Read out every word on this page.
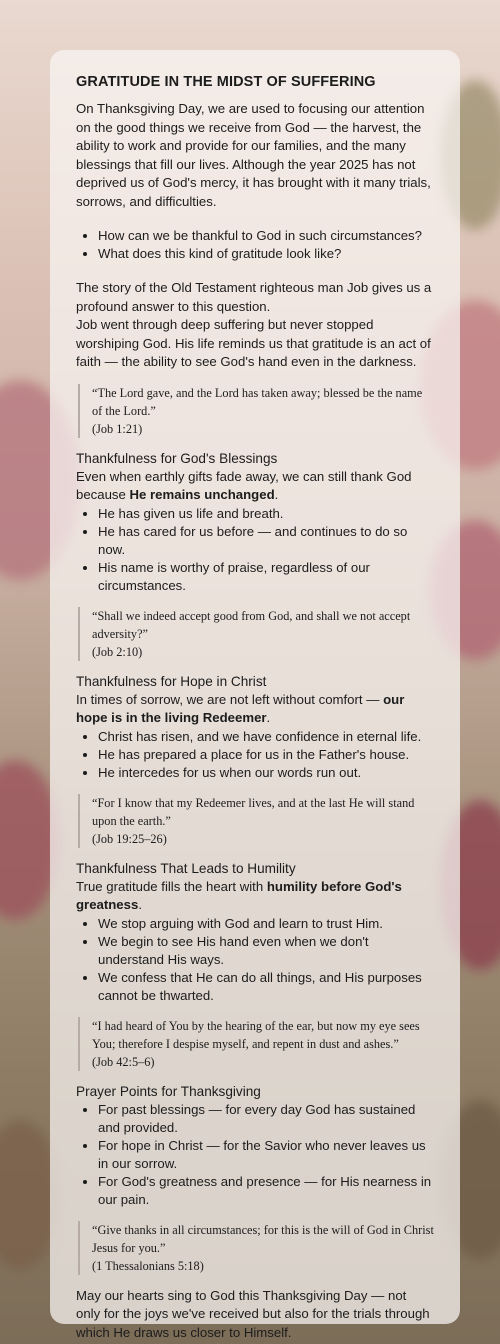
GRATITUDE IN THE MIDST OF SUFFERING

On Thanksgiving Day, we are used to focusing our attention on the good things we receive from God — the harvest, the ability to work and provide for our families, and the many blessings that fill our lives. Although the year 2025 has not deprived us of God's mercy, it has brought with it many trials, sorrows, and difficulties.

• How can we be thankful to God in such circumstances?
• What does this kind of gratitude look like?

The story of the Old Testament righteous man Job gives us a profound answer to this question.

Job went through deep suffering but never stopped worshiping God. His life reminds us that gratitude is an act of faith — the ability to see God's hand even in the darkness.

“The Lord gave, and the Lord has taken away; blessed be the name of the Lord.”
(Job 1:21)
Thankfulness for God's Blessings

Even when earthly gifts fade away, we can still thank God because He remains unchanged.

• He has given us life and breath.
• He has cared for us before — and continues to do so now.
• His name is worthy of praise, regardless of our circumstances.
“Shall we indeed accept good from God, and shall we not accept adversity?”
(Job 2:10)
Thankfulness for Hope in Christ

In times of sorrow, we are not left without comfort — our hope is in the living Redeemer.

• Christ has risen, and we have confidence in eternal life.
• He has prepared a place for us in the Father's house.
• He intercedes for us when our words run out.
“For I know that my Redeemer lives, and at the last He will stand upon the earth.”
(Job 19:25–26)
Thankfulness That Leads to Humility

True gratitude fills the heart with humility before God's greatness.

• We stop arguing with God and learn to trust Him.
• We begin to see His hand even when we don't understand His ways.
• We confess that He can do all things, and His purposes cannot be thwarted.
“I had heard of You by the hearing of the ear, but now my eye sees You; therefore I despise myself, and repent in dust and ashes.”
(Job 42:5–6)
Prayer Points for Thanksgiving
• For past blessings — for every day God has sustained and provided.
• For hope in Christ — for the Savior who never leaves us in our sorrow.
• For God's greatness and presence — for His nearness in our pain.
“Give thanks in all circumstances; for this is the will of God in Christ Jesus for you.”
(1 Thessalonians 5:18)

May our hearts sing to God this Thanksgiving Day — not only for the joys we've received but also for the trials through which He draws us closer to Himself.
